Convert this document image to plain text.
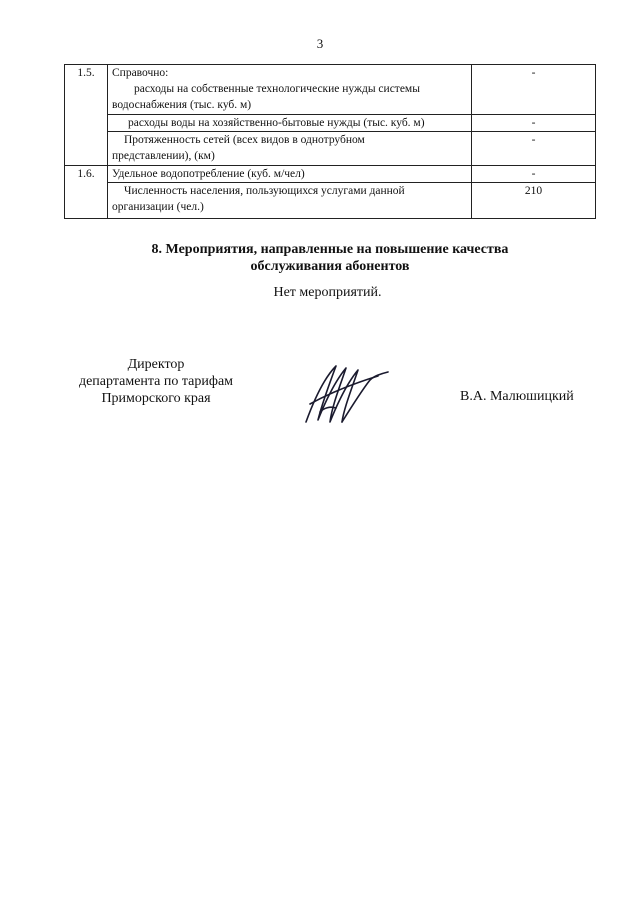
3
1.5.	Справочно:
расходы на собственные технологические нужды системы
водоснабжения (тыс. куб. м)	-

	расходы воды на хозяйственно-бытовые нужды (тыс. куб. м)	-

	Протяженность сетей (всех видов в однотрубном
представлении), (км)	-
1.6.	Удельное водопотребление (куб. м/чел)	-

	Численность населения, пользующихся услугами данной
организации (чел.)	210
8. Мероприятия, направленные на повышение качества
обслуживания абонентов
Нет мероприятий.
Директор
департамента по тарифам
Приморского края	В.А. Малюшицкий
